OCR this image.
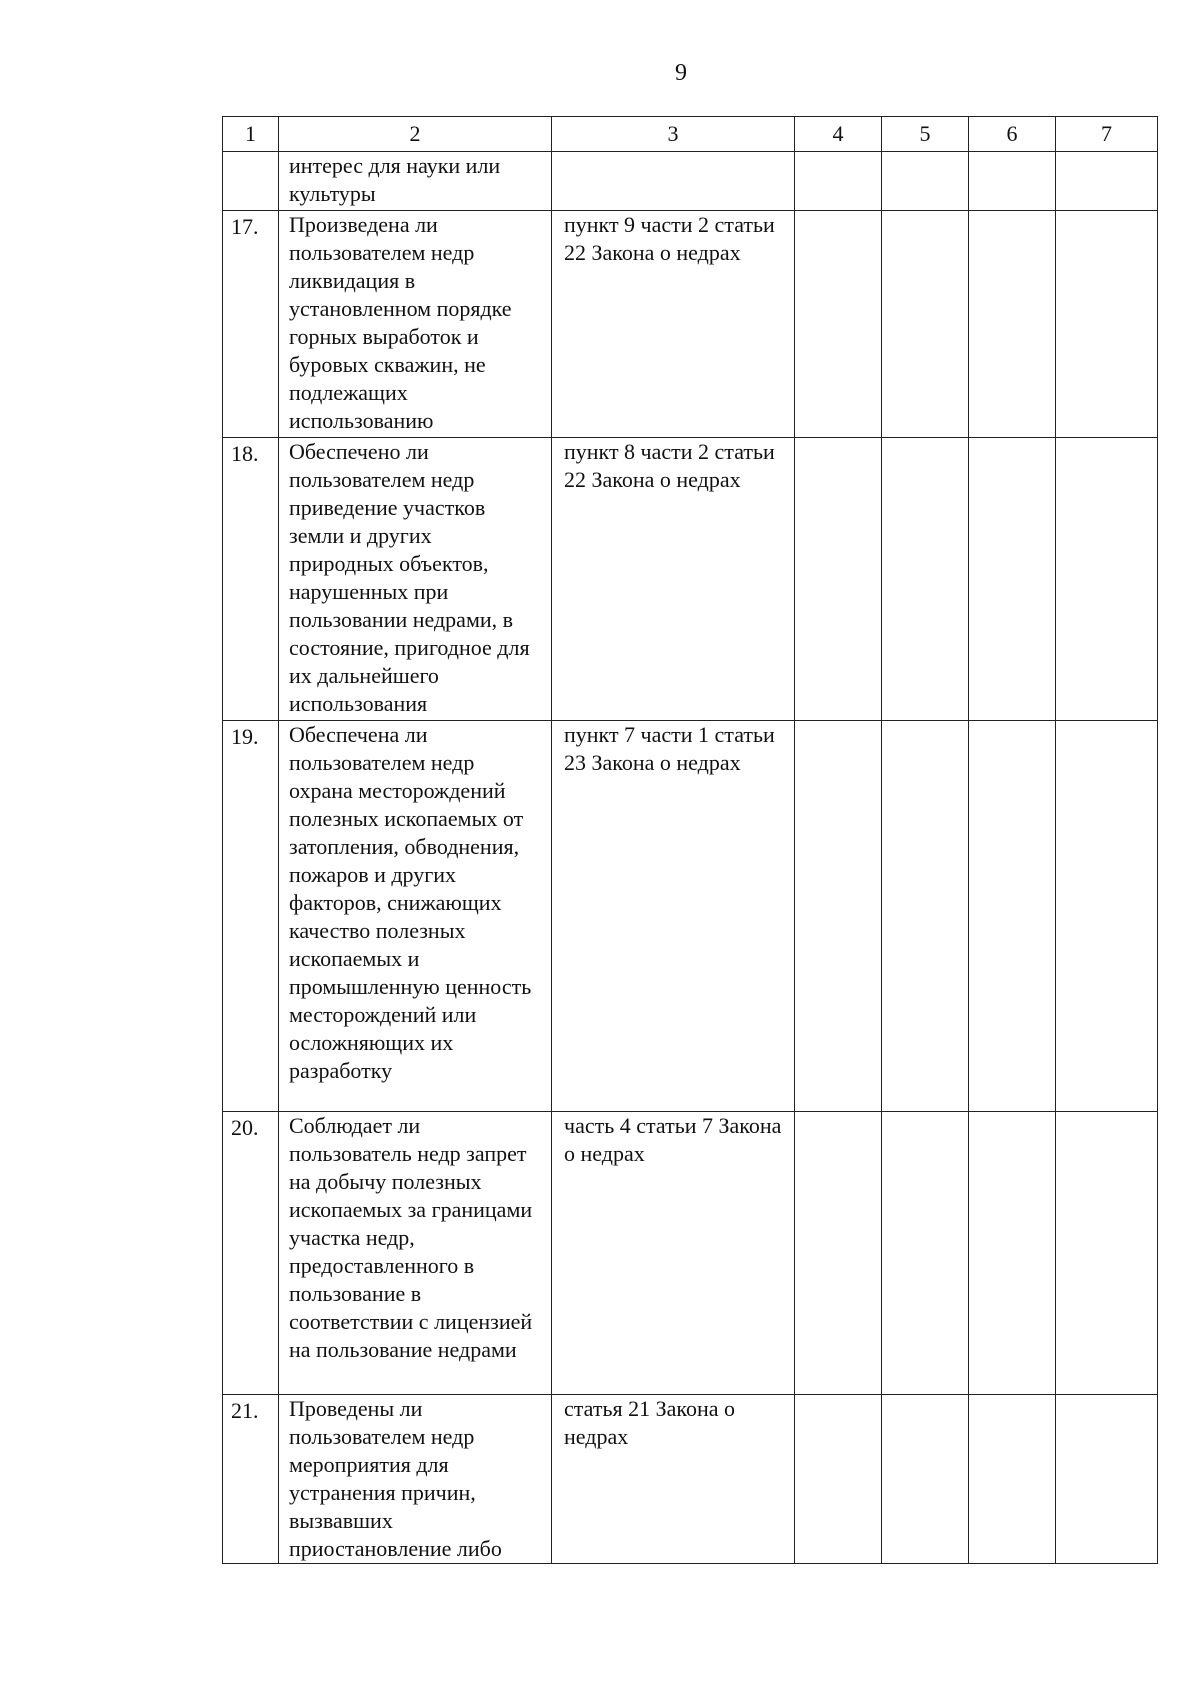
9
1	2	3	4	5	6	7
	интерес для науки или культуры					
17.	Произведена ли пользователем недр ликвидация в установленном порядке горных выработок и буровых скважин, не подлежащих использованию	пункт 9 части 2 статьи 22 Закона о недрах				
18.	Обеспечено ли пользователем недр приведение участков земли и других природных объектов, нарушенных при пользовании недрами, в состояние, пригодное для их дальнейшего использования	пункт 8 части 2 статьи 22 Закона о недрах				
19.	Обеспечена ли пользователем недр охрана месторождений полезных ископаемых от затопления, обводнения, пожаров и других факторов, снижающих качество полезных ископаемых и промышленную ценность месторождений или осложняющих их разработку	пункт 7 части 1 статьи 23 Закона о недрах				
20.	Соблюдает ли пользователь недр запрет на добычу полезных ископаемых за границами участка недр, предоставленного в пользование в соответствии с лицензией на пользование недрами	часть 4 статьи 7 Закона о недрах				
21.	Проведены ли пользователем недр мероприятия для устранения причин, вызвавших приостановление либо	статья 21 Закона о недрах				
